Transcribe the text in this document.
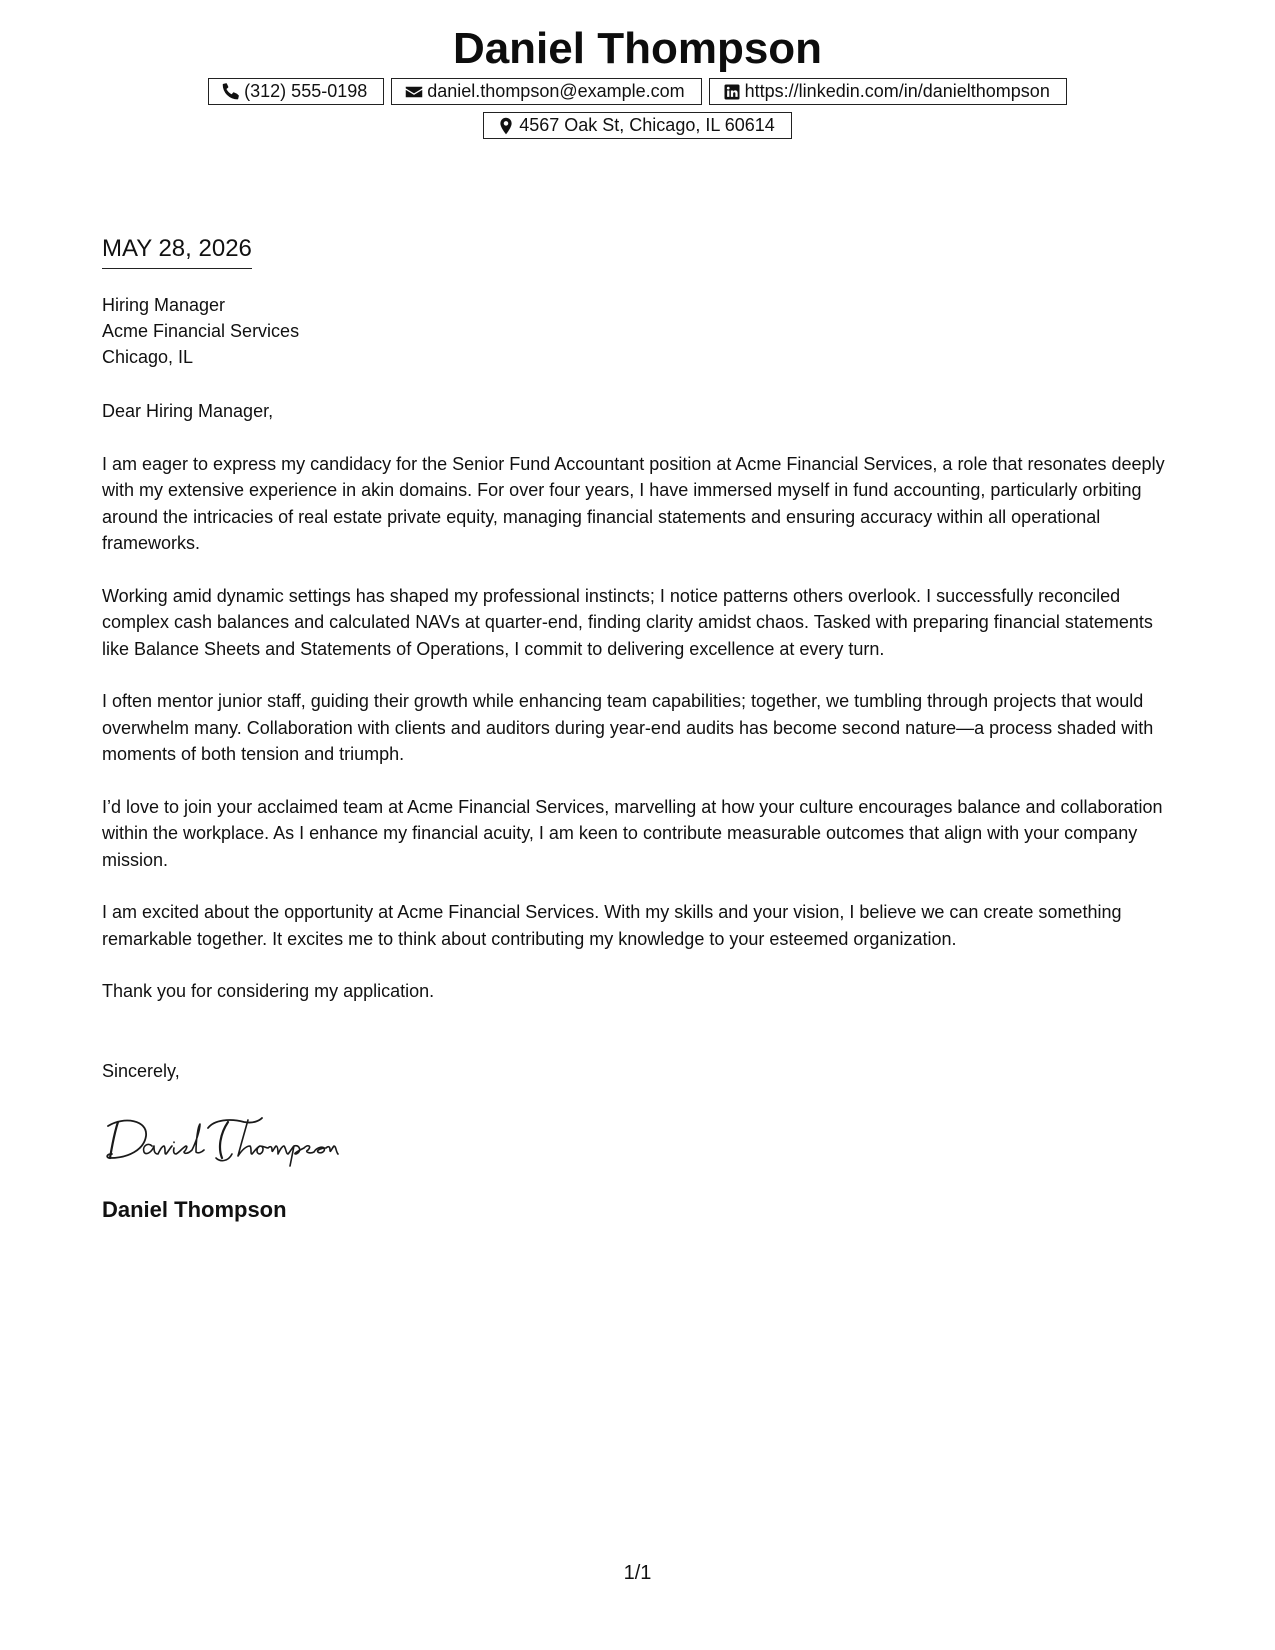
Daniel Thompson
(312) 555-0198	daniel.thompson@example.com	https://linkedin.com/in/danielthompson
4567 Oak St, Chicago, IL 60614
MAY 28, 2026
Hiring Manager
Acme Financial Services
Chicago, IL

Dear Hiring Manager,

I am eager to express my candidacy for the Senior Fund Accountant position at Acme Financial Services, a role that resonates deeply with my extensive experience in akin domains. For over four years, I have immersed myself in fund accounting, particularly orbiting around the intricacies of real estate private equity, managing financial statements and ensuring accuracy within all operational frameworks.

Working amid dynamic settings has shaped my professional instincts; I notice patterns others overlook. I successfully reconciled complex cash balances and calculated NAVs at quarter-end, finding clarity amidst chaos. Tasked with preparing financial statements like Balance Sheets and Statements of Operations, I commit to delivering excellence at every turn.

I often mentor junior staff, guiding their growth while enhancing team capabilities; together, we tumbling through projects that would overwhelm many. Collaboration with clients and auditors during year-end audits has become second nature—a process shaded with moments of both tension and triumph.

I’d love to join your acclaimed team at Acme Financial Services, marvelling at how your culture encourages balance and collaboration within the workplace. As I enhance my financial acuity, I am keen to contribute measurable outcomes that align with your company mission.

I am excited about the opportunity at Acme Financial Services. With my skills and your vision, I believe we can create something remarkable together. It excites me to think about contributing my knowledge to your esteemed organization.

Thank you for considering my application.

Sincerely,
Daniel Thompson
1/1
